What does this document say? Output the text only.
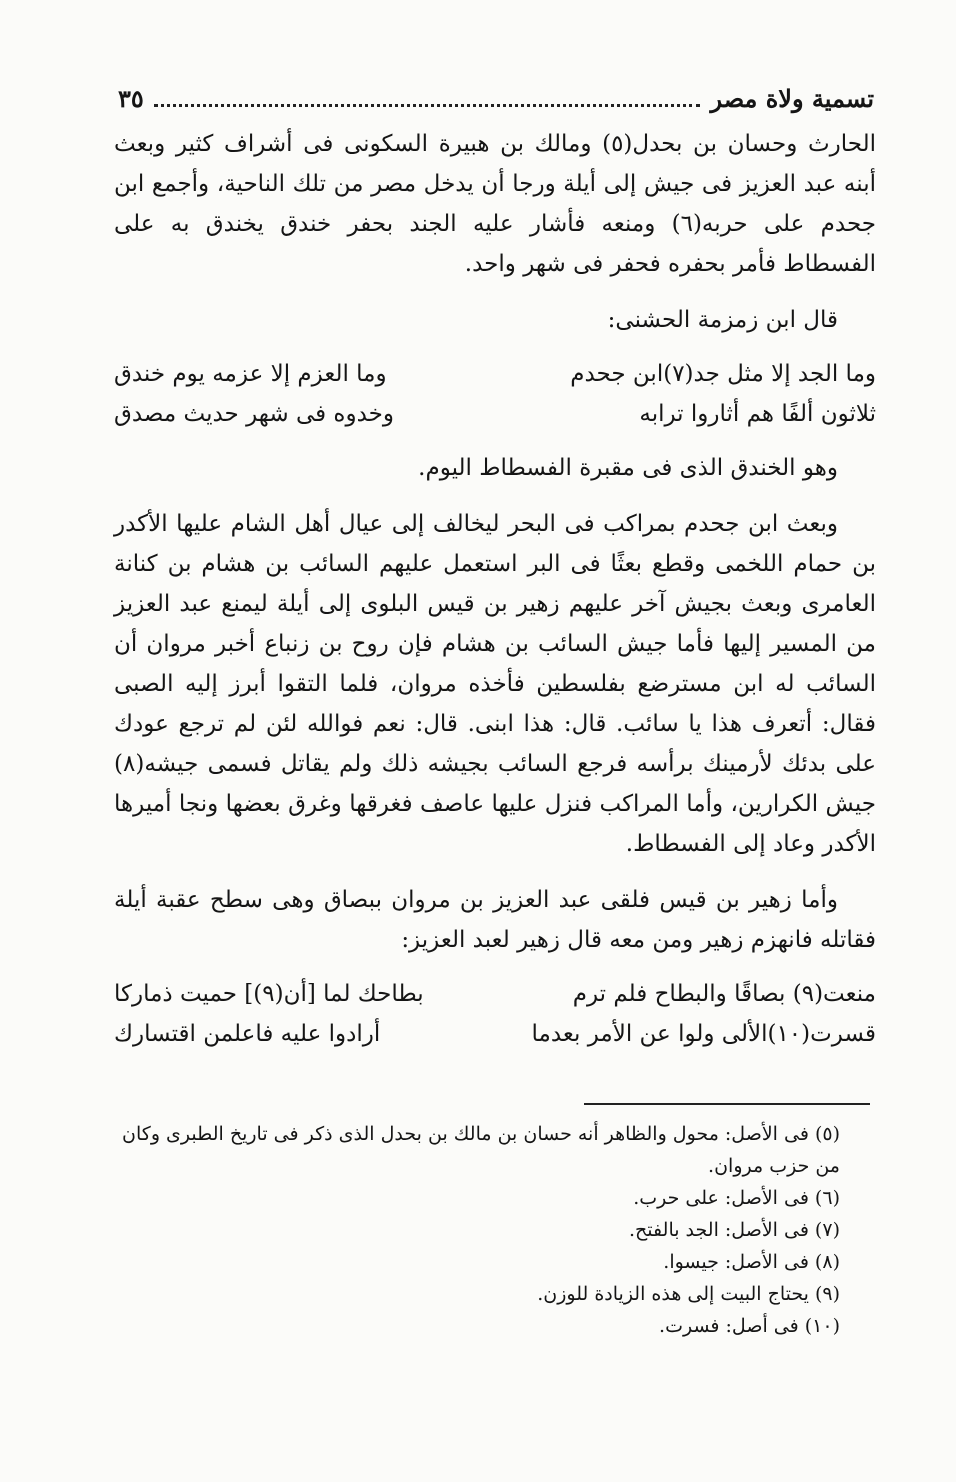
تسمية ولاة مصر
٣٥

الحارث وحسان بن بحدل(٥) ومالك بن هبيرة السكونى فى أشراف كثير وبعث أبنه عبد العزيز فى جيش إلى أيلة ورجا أن يدخل مصر من تلك الناحية، وأجمع ابن جحدم على حربه(٦) ومنعه فأشار عليه الجند بحفر خندق يخندق به على الفسطاط فأمر بحفره فحفر فى شهر واحد.

قال ابن زمزمة الحشنى:

وما الجد إلا مثل جد(٧)ابن جحدم
وما العزم إلا عزمه يوم خندق
ثلاثون ألفًا هم أثاروا ترابه
وخدوه فى شهر حديث مصدق

وهو الخندق الذى فى مقبرة الفسطاط اليوم.

وبعث ابن جحدم بمراكب فى البحر ليخالف إلى عيال أهل الشام عليها الأكدر بن حمام اللخمى وقطع بعثًا فى البر استعمل عليهم السائب بن هشام بن كنانة العامرى وبعث بجيش آخر عليهم زهير بن قيس البلوى إلى أيلة ليمنع عبد العزيز من المسير إليها فأما جيش السائب بن هشام فإن روح بن زنباع أخبر مروان أن السائب له ابن مسترضع بفلسطين فأخذه مروان، فلما التقوا أبرز إليه الصبى فقال: أتعرف هذا يا سائب. قال: هذا ابنى. قال: نعم فوالله لئن لم ترجع عودك على بدئك لأرمينك برأسه فرجع السائب بجيشه ذلك ولم يقاتل فسمى جيشه(٨) جيش الكرارين، وأما المراكب فنزل عليها عاصف فغرقها وغرق بعضها ونجا أميرها الأكدر وعاد إلى الفسطاط.

وأما زهير بن قيس فلقى عبد العزيز بن مروان ببصاق وهى سطح عقبة أيلة فقاتله فانهزم زهير ومن معه قال زهير لعبد العزيز:

منعت(٩) بصاقًا والبطاح فلم ترم
بطاحك لما [أن(٩)] حميت ذماركا
قسرت(١٠)الألى ولوا عن الأمر بعدما
أرادوا عليه فاعلمن اقتسارك

(٥) فى الأصل: محول والظاهر أنه حسان بن مالك بن بحدل الذى ذكر فى تاريخ الطبرى وكان من حزب مروان.

(٦) فى الأصل: على حرب.

(٧) فى الأصل: الجد بالفتح.

(٨) فى الأصل: جيسوا.

(٩) يحتاج البيت إلى هذه الزيادة للوزن.

(١٠) فى أصل: فسرت.
